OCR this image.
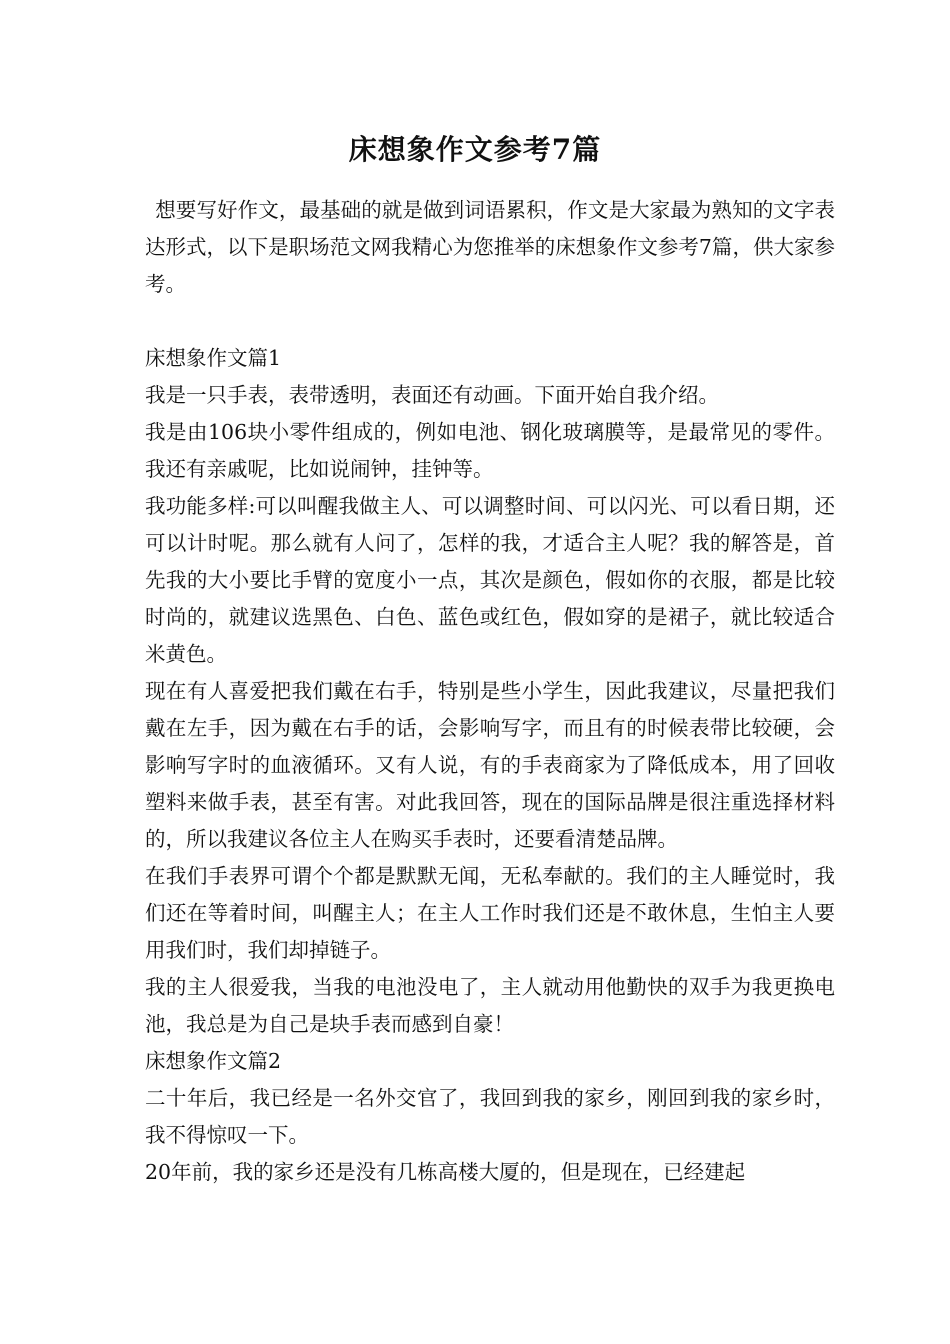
床想象作文参考7篇

想要写好作文，最基础的就是做到词语累积，作文是大家最为熟知的文字表达形式，以下是职场范文网我精心为您推举的床想象作文参考7篇，供大家参考。

床想象作文篇1

我是一只手表，表带透明，表面还有动画。下面开始自我介绍。

我是由106块小零件组成的，例如电池、钢化玻璃膜等，是最常见的零件。我还有亲戚呢，比如说闹钟，挂钟等。

我功能多样:可以叫醒我做主人、可以调整时间、可以闪光、可以看日期，还可以计时呢。那么就有人问了，怎样的我，才适合主人呢？我的解答是，首先我的大小要比手臂的宽度小一点，其次是颜色，假如你的衣服，都是比较时尚的，就建议选黑色、白色、蓝色或红色，假如穿的是裙子，就比较适合米黄色。

现在有人喜爱把我们戴在右手，特别是些小学生，因此我建议，尽量把我们戴在左手，因为戴在右手的话，会影响写字，而且有的时候表带比较硬，会影响写字时的血液循环。又有人说，有的手表商家为了降低成本，用了回收塑料来做手表，甚至有害。对此我回答，现在的国际品牌是很注重选择材料的，所以我建议各位主人在购买手表时，还要看清楚品牌。

在我们手表界可谓个个都是默默无闻，无私奉献的。我们的主人睡觉时，我们还在等着时间，叫醒主人；在主人工作时我们还是不敢休息，生怕主人要用我们时，我们却掉链子。

我的主人很爱我，当我的电池没电了，主人就动用他勤快的双手为我更换电池，我总是为自己是块手表而感到自豪！

床想象作文篇2

二十年后，我已经是一名外交官了，我回到我的家乡，刚回到我的家乡时，我不得惊叹一下。

20年前，我的家乡还是没有几栋高楼大厦的，但是现在，已经建起
